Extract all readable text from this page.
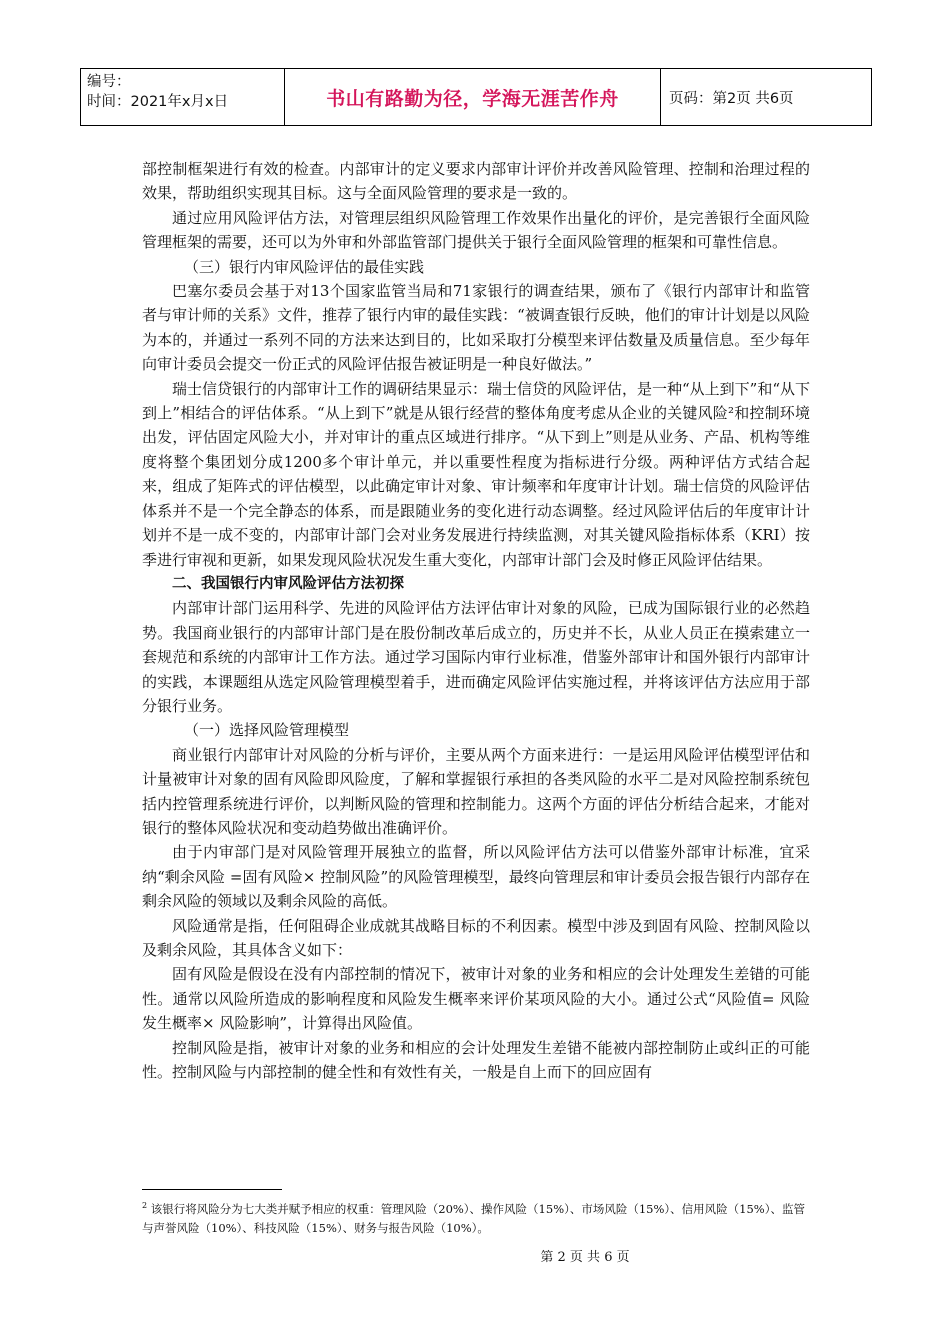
编号：
时间：2021年x月x日	书山有路勤为径，学海无涯苦作舟	页码：第2页 共6页

部控制框架进行有效的检查。内部审计的定义要求内部审计评价并改善风险管理、控制和治理过程的效果，帮助组织实现其目标。这与全面风险管理的要求是一致的。

通过应用风险评估方法，对管理层组织风险管理工作效果作出量化的评价，是完善银行全面风险管理框架的需要，还可以为外审和外部监管部门提供关于银行全面风险管理的框架和可靠性信息。

（三）银行内审风险评估的最佳实践

巴塞尔委员会基于对13个国家监管当局和71家银行的调查结果，颁布了《银行内部审计和监管者与审计师的关系》文件，推荐了银行内审的最佳实践：“被调查银行反映，他们的审计计划是以风险为本的，并通过一系列不同的方法来达到目的，比如采取打分模型来评估数量及质量信息。至少每年向审计委员会提交一份正式的风险评估报告被证明是一种良好做法。”

瑞士信贷银行的内部审计工作的调研结果显示：瑞士信贷的风险评估，是一种“从上到下”和“从下到上”相结合的评估体系。“从上到下”就是从银行经营的整体角度考虑从企业的关键风险²和控制环境出发，评估固定风险大小，并对审计的重点区域进行排序。“从下到上”则是从业务、产品、机构等维度将整个集团划分成1200多个审计单元，并以重要性程度为指标进行分级。两种评估方式结合起来，组成了矩阵式的评估模型，以此确定审计对象、审计频率和年度审计计划。瑞士信贷的风险评估体系并不是一个完全静态的体系，而是跟随业务的变化进行动态调整。经过风险评估后的年度审计计划并不是一成不变的，内部审计部门会对业务发展进行持续监测，对其关键风险指标体系（KRI）按季进行审视和更新，如果发现风险状况发生重大变化，内部审计部门会及时修正风险评估结果。

二、我国银行内审风险评估方法初探

内部审计部门运用科学、先进的风险评估方法评估审计对象的风险，已成为国际银行业的必然趋势。我国商业银行的内部审计部门是在股份制改革后成立的，历史并不长，从业人员正在摸索建立一套规范和系统的内部审计工作方法。通过学习国际内审行业标准，借鉴外部审计和国外银行内部审计的实践，本课题组从选定风险管理模型着手，进而确定风险评估实施过程，并将该评估方法应用于部分银行业务。

（一）选择风险管理模型

商业银行内部审计对风险的分析与评价，主要从两个方面来进行：一是运用风险评估模型评估和计量被审计对象的固有风险即风险度，了解和掌握银行承担的各类风险的水平二是对风险控制系统包括内控管理系统进行评价，以判断风险的管理和控制能力。这两个方面的评估分析结合起来，才能对银行的整体风险状况和变动趋势做出准确评价。

由于内审部门是对风险管理开展独立的监督，所以风险评估方法可以借鉴外部审计标准，宜采纳“剩余风险 =固有风险× 控制风险”的风险管理模型，最终向管理层和审计委员会报告银行内部存在剩余风险的领域以及剩余风险的高低。

风险通常是指，任何阻碍企业成就其战略目标的不利因素。模型中涉及到固有风险、控制风险以及剩余风险，其具体含义如下：

固有风险是假设在没有内部控制的情况下，被审计对象的业务和相应的会计处理发生差错的可能性。通常以风险所造成的影响程度和风险发生概率来评价某项风险的大小。通过公式“风险值= 风险发生概率× 风险影响”，计算得出风险值。

控制风险是指，被审计对象的业务和相应的会计处理发生差错不能被内部控制防止或纠正的可能性。控制风险与内部控制的健全性和有效性有关，一般是自上而下的回应固有

$^2$ 该银行将风险分为七大类并赋予相应的权重：管理风险（20%）、操作风险（15%）、市场风险（15%）、信用风险（15%）、监管与声誉风险（10%）、科技风险（15%）、财务与报告风险（10%）。
第 2 页 共 6 页
